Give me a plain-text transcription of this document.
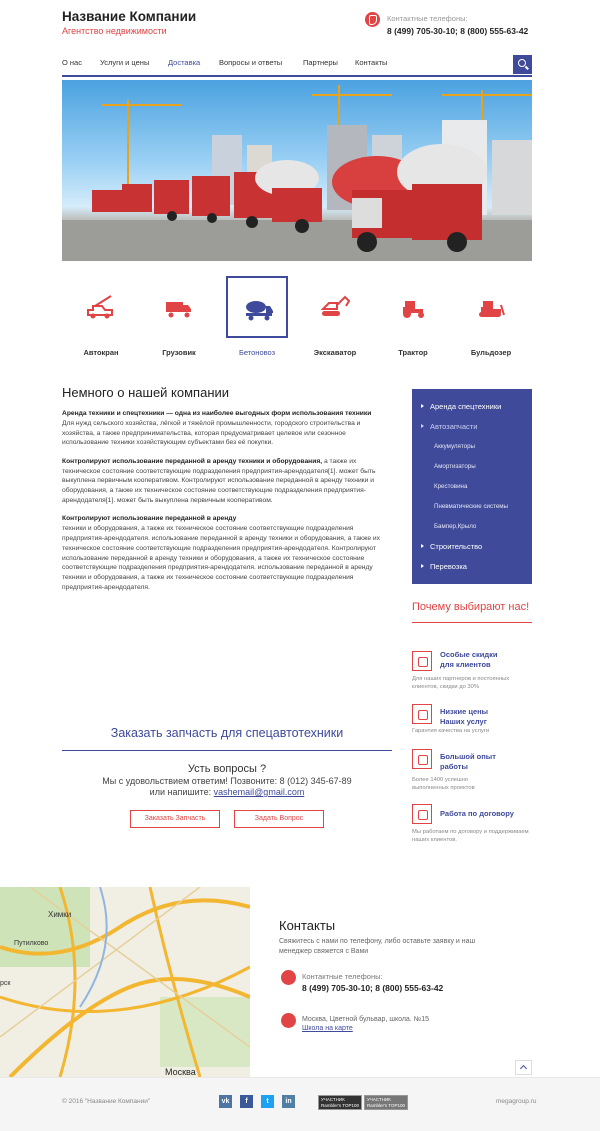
Название Компании
Агентство недвижимости
Контактные телефоны:
8 (499) 705-30-10; 8 (800) 555-63-42
О нас Услуги и цены Доставка	Вопросы и ответы	Партнеры Контакты
Автокран	Грузовик	Бетоновоз	Экскаватор	Трактор	Бульдозер
Немного о нашей компании

Аренда техники и спецтехники — одна из наиболее выгодных форм использования техники
Для нужд сельского хозяйства, лёгкой и тяжёлой промышленности, городского строительства и хозяйства, а также предпринимательства, которая предусматривает целевое или сезонное использование техники хозяйствующим субъектами без её покупки.

Контролируют использование переданной в аренду техники и оборудования, а также их техническое состояние соответствующие подразделения предприятия-арендодателя[1]. может быть выкуплена первичным кооперативом. Контролируют использование переданной в аренду техники и оборудования, а также их техническое состояние соответствующие подразделения предприятия-арендодателя[1]. может быть выкуплена первичным кооперативом.

Контролируют использование переданной в аренду
техники и оборудования, а также их техническое состояние соответствующие подразделения предприятия-арендодателя. использование переданной в аренду техники и оборудования, а также их техническое состояние соответствующие подразделения предприятия-арендодателя. Контролируют использование переданной в аренду техники и оборудования, а также их техническое состояние соответствующие подразделения предприятия-арендодателя. использование переданной в аренду техники и оборудования, а также их техническое состояние соответствующие подразделения предприятия-арендодателя.

Аренда спецтехники
Автозапчасти
Аккумуляторы
Амортизаторы
Крестовина
Пневматические системы
Бампер,Крыло
Строительство
Перевозка
Почему выбирают нас!
Особые скидки для клиентов
Для наших партнеров и постоянных клиентов, скидки до 30%
Низкие цены Наших услуг
Гарантия качества на услуги
Большой опыт работы
Более 1400 успешно выполненных проектов
Работа по договору
Мы работаем по договору и поддерживаем наших клиентов.
Заказать запчасть для спецавтотехники
Усть вопросы ?
Мы с удовольствием ответим! Позвоните: 8 (012) 345-67-89
или напишите: vashemail@gmail.com
Заказать Запчасть	Задать Вопрос
Химки
Путилково
Москва
рск
Контакты
Свяжитесь с нами по телефону, либо оставьте заявку и наш менеджер свяжется с Вами
Контактные телефоны:
8 (499) 705-30-10; 8 (800) 555-63-42
Москва, Цветной бульвар, школа. №15
Школа на карте
© 2016 "Название Компании"	vk	f	t	in	УЧАСТНИК Rambler's TOP100
УЧАСТНИК Rambler's TOP100
megagroup.ru
